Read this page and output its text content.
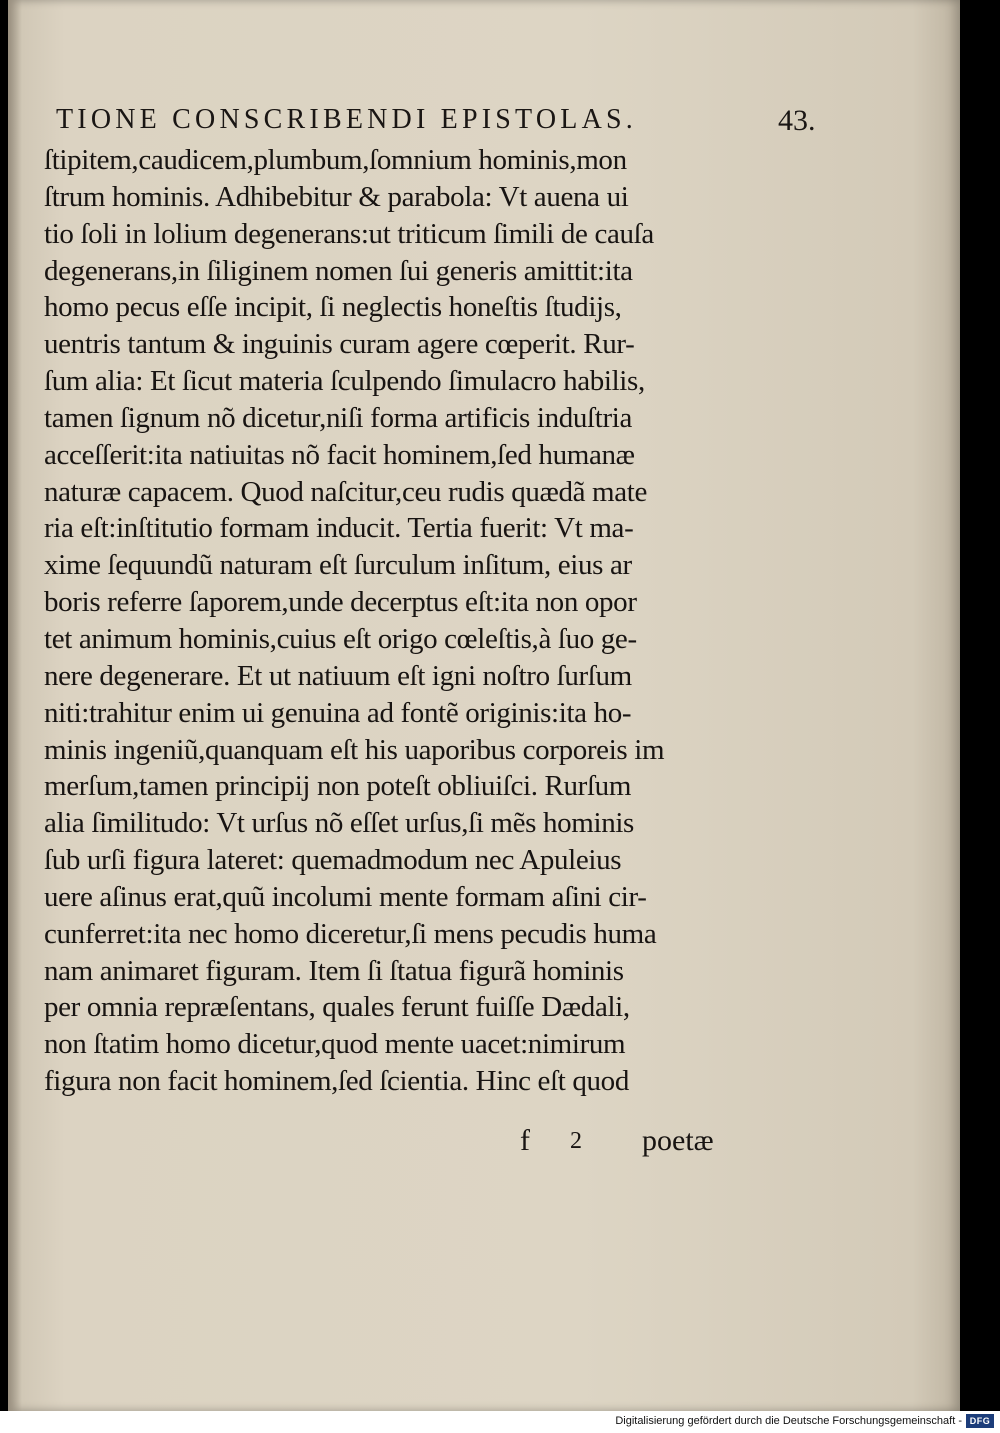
TIONE CONSCRIBENDI EPISTOLAS.	43.
ſtipitem,caudicem,plumbum,ſomnium hominis,mon
ſtrum hominis. Adhibebitur & parabola: Vt auena ui
tio ſoli in lolium degenerans:ut triticum ſimili de cauſa
degenerans,in ſiliginem nomen ſui generis amittit:ita
homo pecus eſſe incipit, ſi neglectis honeſtis ſtudijs,
uentris tantum & inguinis curam agere cœperit. Rur-
ſum alia: Et ſicut materia ſculpendo ſimulacro habilis,
tamen ſignum nõ dicetur,niſi forma artificis induſtria
acceſſerit:ita natiuitas nõ facit hominem,ſed humanæ
naturæ capacem. Quod naſcitur,ceu rudis quædã mate
ria eſt:inſtitutio formam inducit. Tertia fuerit: Vt ma-
xime ſequundũ naturam eſt ſurculum inſitum, eius ar
boris referre ſaporem,unde decerptus eſt:ita non opor
tet animum hominis,cuius eſt origo cœleſtis,à ſuo ge-
nere degenerare. Et ut natiuum eſt igni noſtro ſurſum
niti:trahitur enim ui genuina ad fontẽ originis:ita ho-
minis ingeniũ,quanquam eſt his uaporibus corporeis im
merſum,tamen principij non poteſt obliuiſci. Rurſum
alia ſimilitudo: Vt urſus nõ eſſet urſus,ſi mẽs hominis
ſub urſi figura lateret: quemadmodum nec Apuleius
uere aſinus erat,quũ incolumi mente formam aſini cir-
cunferret:ita nec homo diceretur,ſi mens pecudis huma
nam animaret figuram. Item ſi ſtatua figurã hominis
per omnia repræſentans, quales ferunt fuiſſe Dædali,
non ſtatim homo dicetur,quod mente uacet:nimirum
figura non facit hominem,ſed ſcientia. Hinc eſt quod
f 2 poetæ
Digitalisierung gefördert durch die Deutsche Forschungsgemeinschaft - DFG
